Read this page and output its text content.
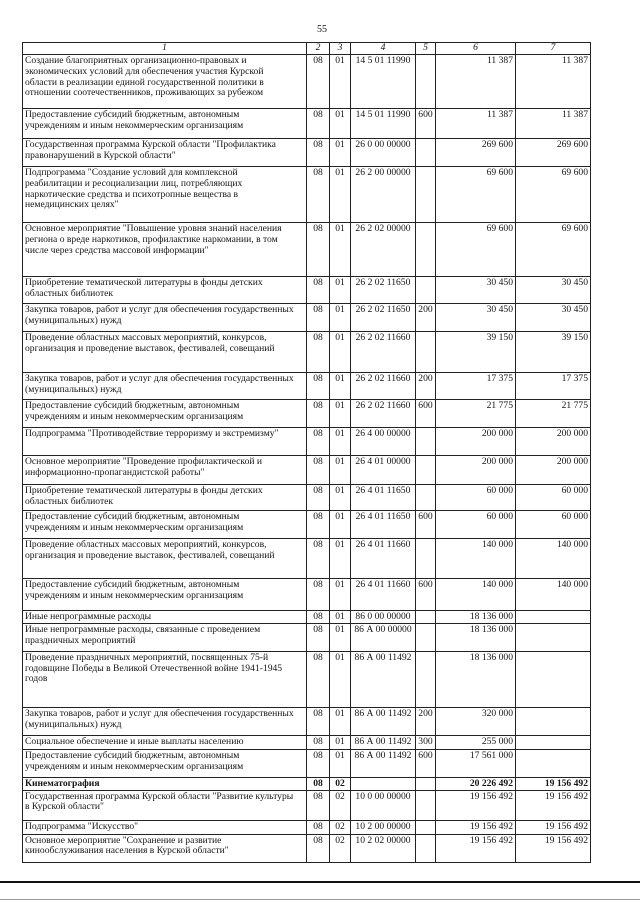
55
1	2	3	4	5	6	7
Создание благоприятных организационно-правовых и экономических условий для обеспечения участия Курской области в реализации единой государственной политики в отношении соотечественников, проживающих за рубежом	08	01	14 5 01 11990		11 387	11 387
Предоставление субсидий бюджетным, автономным учреждениям и иным некоммерческим организациям	08	01	14 5 01 11990	600	11 387	11 387
Государственная программа Курской области "Профилактика правонарушений в Курской области"	08	01	26 0 00 00000		269 600	269 600
Подпрограмма "Создание условий для комплексной реабилитации и ресоциализации лиц, потребляющих наркотические средства и психотропные вещества в немедицинских целях"	08	01	26 2 00 00000		69 600	69 600
Основное мероприятие "Повышение уровня знаний населения региона о вреде наркотиков, профилактике наркомании, в том числе через средства массовой информации"	08	01	26 2 02 00000		69 600	69 600
Приобретение тематической литературы в фонды детских областных библиотек	08	01	26 2 02 11650		30 450	30 450
Закупка товаров, работ и услуг для обеспечения государственных (муниципальных) нужд	08	01	26 2 02 11650	200	30 450	30 450
Проведение областных массовых мероприятий, конкурсов, организация и проведение выставок, фестивалей, совещаний	08	01	26 2 02 11660		39 150	39 150
Закупка товаров, работ и услуг для обеспечения государственных (муниципальных) нужд	08	01	26 2 02 11660	200	17 375	17 375
Предоставление субсидий бюджетным, автономным учреждениям и иным некоммерческим организациям	08	01	26 2 02 11660	600	21 775	21 775
Подпрограмма "Противодействие терроризму и экстремизму"	08	01	26 4 00 00000		200 000	200 000
Основное мероприятие "Проведение профилактической и информационно-пропагандистской работы"	08	01	26 4 01 00000		200 000	200 000
Приобретение тематической литературы в фонды детских областных библиотек	08	01	26 4 01 11650		60 000	60 000
Предоставление субсидий бюджетным, автономным учреждениям и иным некоммерческим организациям	08	01	26 4 01 11650	600	60 000	60 000
Проведение областных массовых мероприятий, конкурсов, организация и проведение выставок, фестивалей, совещаний	08	01	26 4 01 11660		140 000	140 000
Предоставление субсидий бюджетным, автономным учреждениям и иным некоммерческим организациям	08	01	26 4 01 11660	600	140 000	140 000
Иные непрограммные расходы	08	01	86 0 00 00000		18 136 000	
Иные непрограммные расходы, связанные с проведением праздничных мероприятий	08	01	86 А 00 00000		18 136 000	
Проведение праздничных мероприятий, посвященных 75-й годовщине Победы в Великой Отечественной войне 1941-1945 годов	08	01	86 А 00 11492		18 136 000	
Закупка товаров, работ и услуг для обеспечения государственных (муниципальных) нужд	08	01	86 А 00 11492	200	320 000	
Социальное обеспечение и иные выплаты населению	08	01	86 А 00 11492	300	255 000	
Предоставление субсидий бюджетным, автономным учреждениям и иным некоммерческим организациям	08	01	86 А 00 11492	600	17 561 000	
Кинематография	08	02			20 226 492	19 156 492
Государственная программа Курской области "Развитие культуры в Курской области"	08	02	10 0 00 00000		19 156 492	19 156 492
Подпрограмма "Искусство"	08	02	10 2 00 00000		19 156 492	19 156 492
Основное мероприятие "Сохранение и развитие кинообслуживания населения в Курской области"	08	02	10 2 02 00000		19 156 492	19 156 492
